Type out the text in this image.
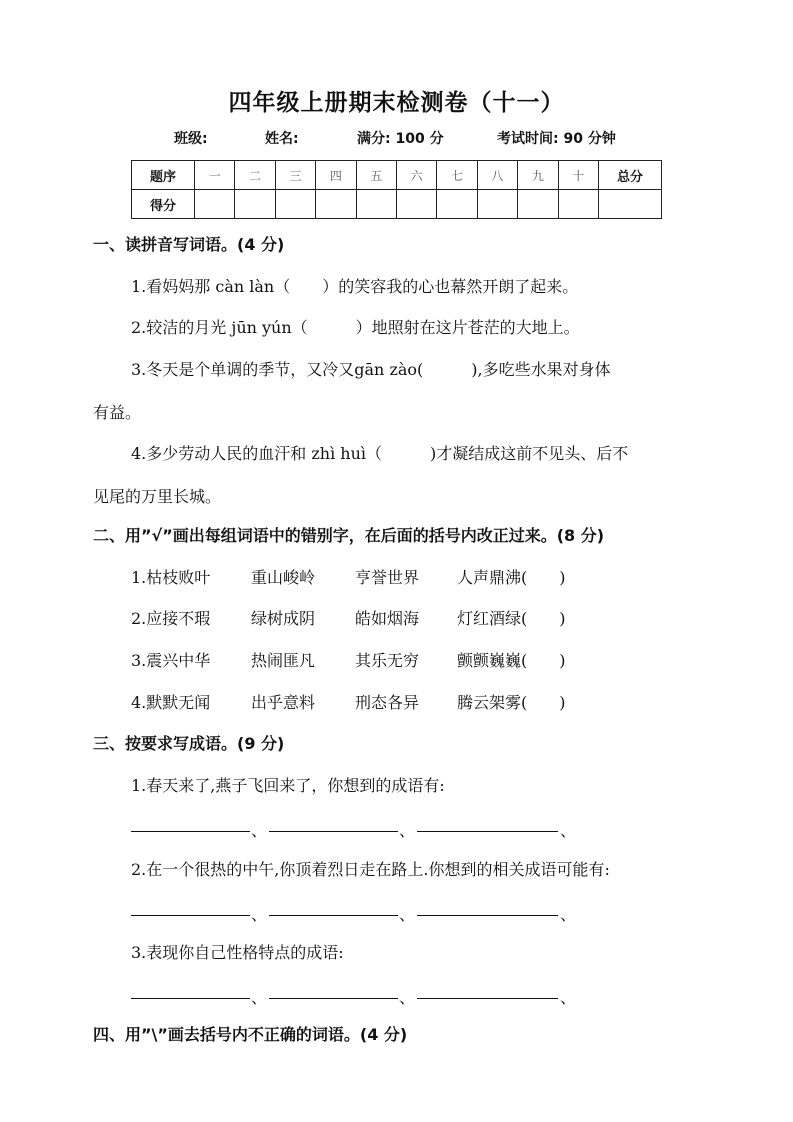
四年级上册期末检测卷（十一）
班级:	姓名:	满分: 100 分	考试时间: 90 分钟
题序	一	二	三	四	五	六	七	八	九	十	总分
得分											
一、读拼音写词语。(4 分)
1.看妈妈那 càn làn（　　）的笑容我的心也幕然开朗了起来。
2.较洁的月光 jūn yún（　　　）地照射在这片苍茫的大地上。
3.冬天是个单调的季节，又冷又gān zào(　　　),多吃些水果对身体
有益。
4.多少劳动人民的血汗和 zhì huì（　　　)才凝结成这前不见头、后不
见尾的万里长城。
二、用”√”画出每组词语中的错别字，在后面的括号内改正过来。(8 分)
1.枯枝败叶	重山峻岭 亨誉世界 人声鼎沸(　　)
2.应接不瑕	绿树成阴 皓如烟海 灯红酒绿(　　)
3.震兴中华	热闹匪凡 其乐无穷 颤颤巍巍(　　)
4.默默无闻	出乎意料 刑态各异 腾云架雾(　　)
三、按要求写成语。(9 分)
1.春天来了,燕子飞回来了，你想到的成语有:
、	、	、
2.在一个很热的中午,你顶着烈日走在路上.你想到的相关成语可能有:
、	、	、
3.表现你自己性格特点的成语:
、	、	、
四、用”\”画去括号内不正确的词语。(4 分)
